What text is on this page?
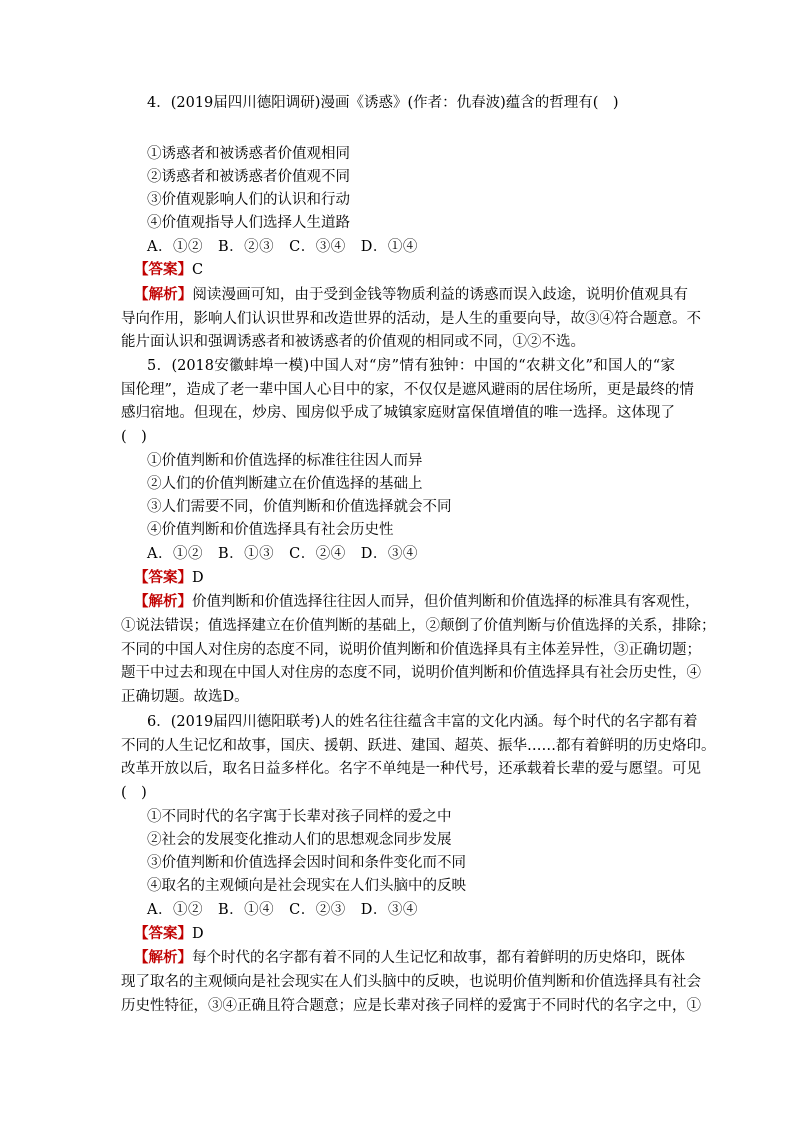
4．(2019届四川德阳调研)漫画《诱惑》(作者：仇春波)蕴含的哲理有(　)
①诱惑者和被诱惑者价值观相同
②诱惑者和被诱惑者价值观不同
③价值观影响人们的认识和行动
④价值观指导人们选择人生道路
A．①②　B．②③　C．③④　D．①④
【答案】C
【解析】阅读漫画可知，由于受到金钱等物质利益的诱惑而误入歧途，说明价值观具有
导向作用，影响人们认识世界和改造世界的活动，是人生的重要向导，故③④符合题意。不
能片面认识和强调诱惑者和被诱惑者的价值观的相同或不同，①②不选。
5．(2018安徽蚌埠一模)中国人对“房”情有独钟：中国的“农耕文化”和国人的“家
国伦理”，造成了老一辈中国人心目中的家，不仅仅是遮风避雨的居住场所，更是最终的情
感归宿地。但现在，炒房、囤房似乎成了城镇家庭财富保值增值的唯一选择。这体现了
(　)
①价值判断和价值选择的标准往往因人而异
②人们的价值判断建立在价值选择的基础上
③人们需要不同，价值判断和价值选择就会不同
④价值判断和价值选择具有社会历史性
A．①②　B．①③　C．②④　D．③④
【答案】D
【解析】价值判断和价值选择往往因人而异，但价值判断和价值选择的标准具有客观性，
①说法错误；值选择建立在价值判断的基础上，②颠倒了价值判断与价值选择的关系，排除；
不同的中国人对住房的态度不同，说明价值判断和价值选择具有主体差异性，③正确切题；
题干中过去和现在中国人对住房的态度不同，说明价值判断和价值选择具有社会历史性，④
正确切题。故选D。
6．(2019届四川德阳联考)人的姓名往往蕴含丰富的文化内涵。每个时代的名字都有着
不同的人生记忆和故事，国庆、援朝、跃进、建国、超英、振华……都有着鲜明的历史烙印。
改革开放以后，取名日益多样化。名字不单纯是一种代号，还承载着长辈的爱与愿望。可见
(　)
①不同时代的名字寓于长辈对孩子同样的爱之中
②社会的发展变化推动人们的思想观念同步发展
③价值判断和价值选择会因时间和条件变化而不同
④取名的主观倾向是社会现实在人们头脑中的反映
A．①②　B．①④　C．②③　D．③④
【答案】D
【解析】每个时代的名字都有着不同的人生记忆和故事，都有着鲜明的历史烙印，既体
现了取名的主观倾向是社会现实在人们头脑中的反映，也说明价值判断和价值选择具有社会
历史性特征，③④正确且符合题意；应是长辈对孩子同样的爱寓于不同时代的名字之中，①
